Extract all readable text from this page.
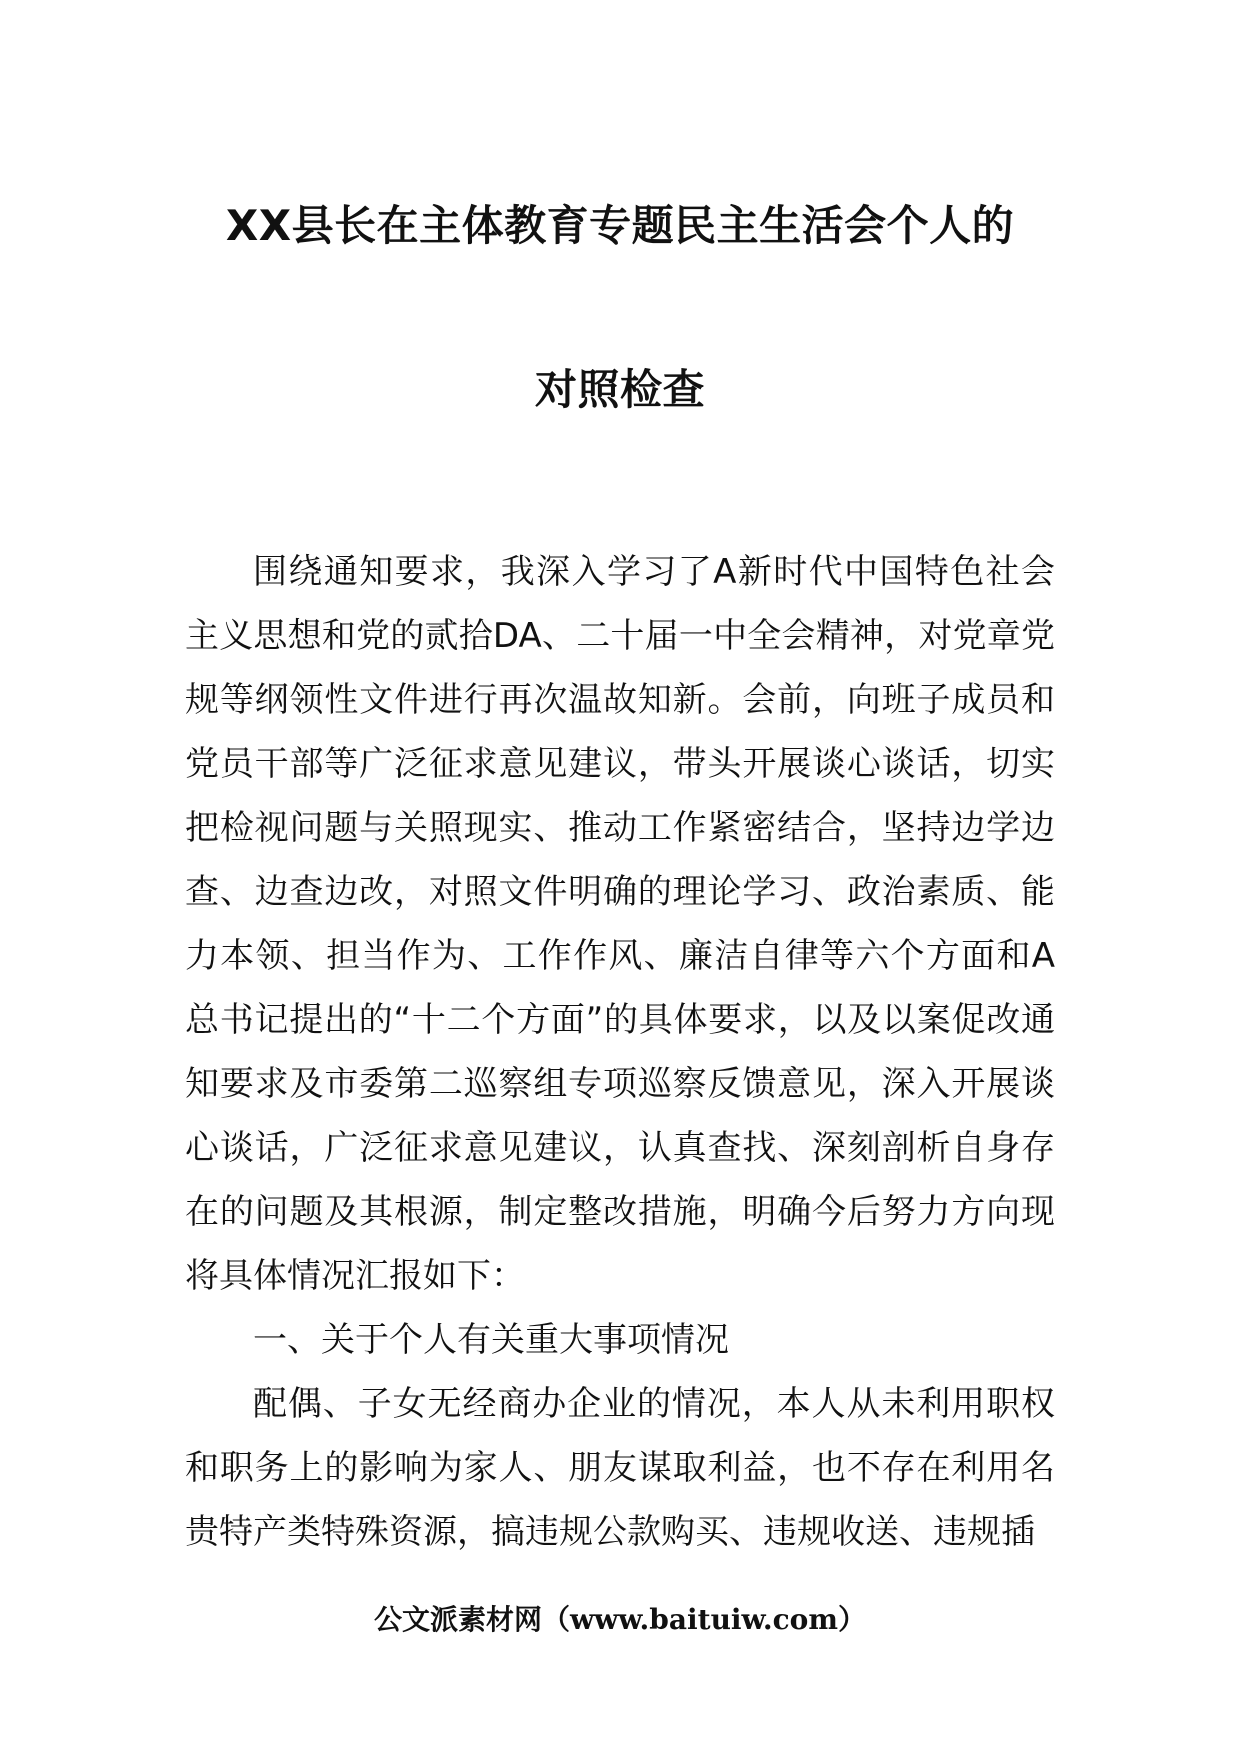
XX县长在主体教育专题民主生活会个人的
对照检查

围绕通知要求，我深入学习了A新时代中国特色社会主义思想和党的贰拾DA、二十届一中全会精神，对党章党规等纲领性文件进行再次温故知新。会前，向班子成员和党员干部等广泛征求意见建议，带头开展谈心谈话，切实把检视问题与关照现实、推动工作紧密结合，坚持边学边查、边查边改，对照文件明确的理论学习、政治素质、能力本领、担当作为、工作作风、廉洁自律等六个方面和A总书记提出的“十二个方面”的具体要求，以及以案促改通知要求及市委第二巡察组专项巡察反馈意见，深入开展谈心谈话，广泛征求意见建议，认真查找、深刻剖析自身存在的问题及其根源，制定整改措施，明确今后努力方向现将具体情况汇报如下：

一、关于个人有关重大事项情况

配偶、子女无经商办企业的情况，本人从未利用职权和职务上的影响为家人、朋友谋取利益，也不存在利用名贵特产类特殊资源，搞违规公款购买、违规收送、违规插

公文派素材网（www.baituiw.com）
